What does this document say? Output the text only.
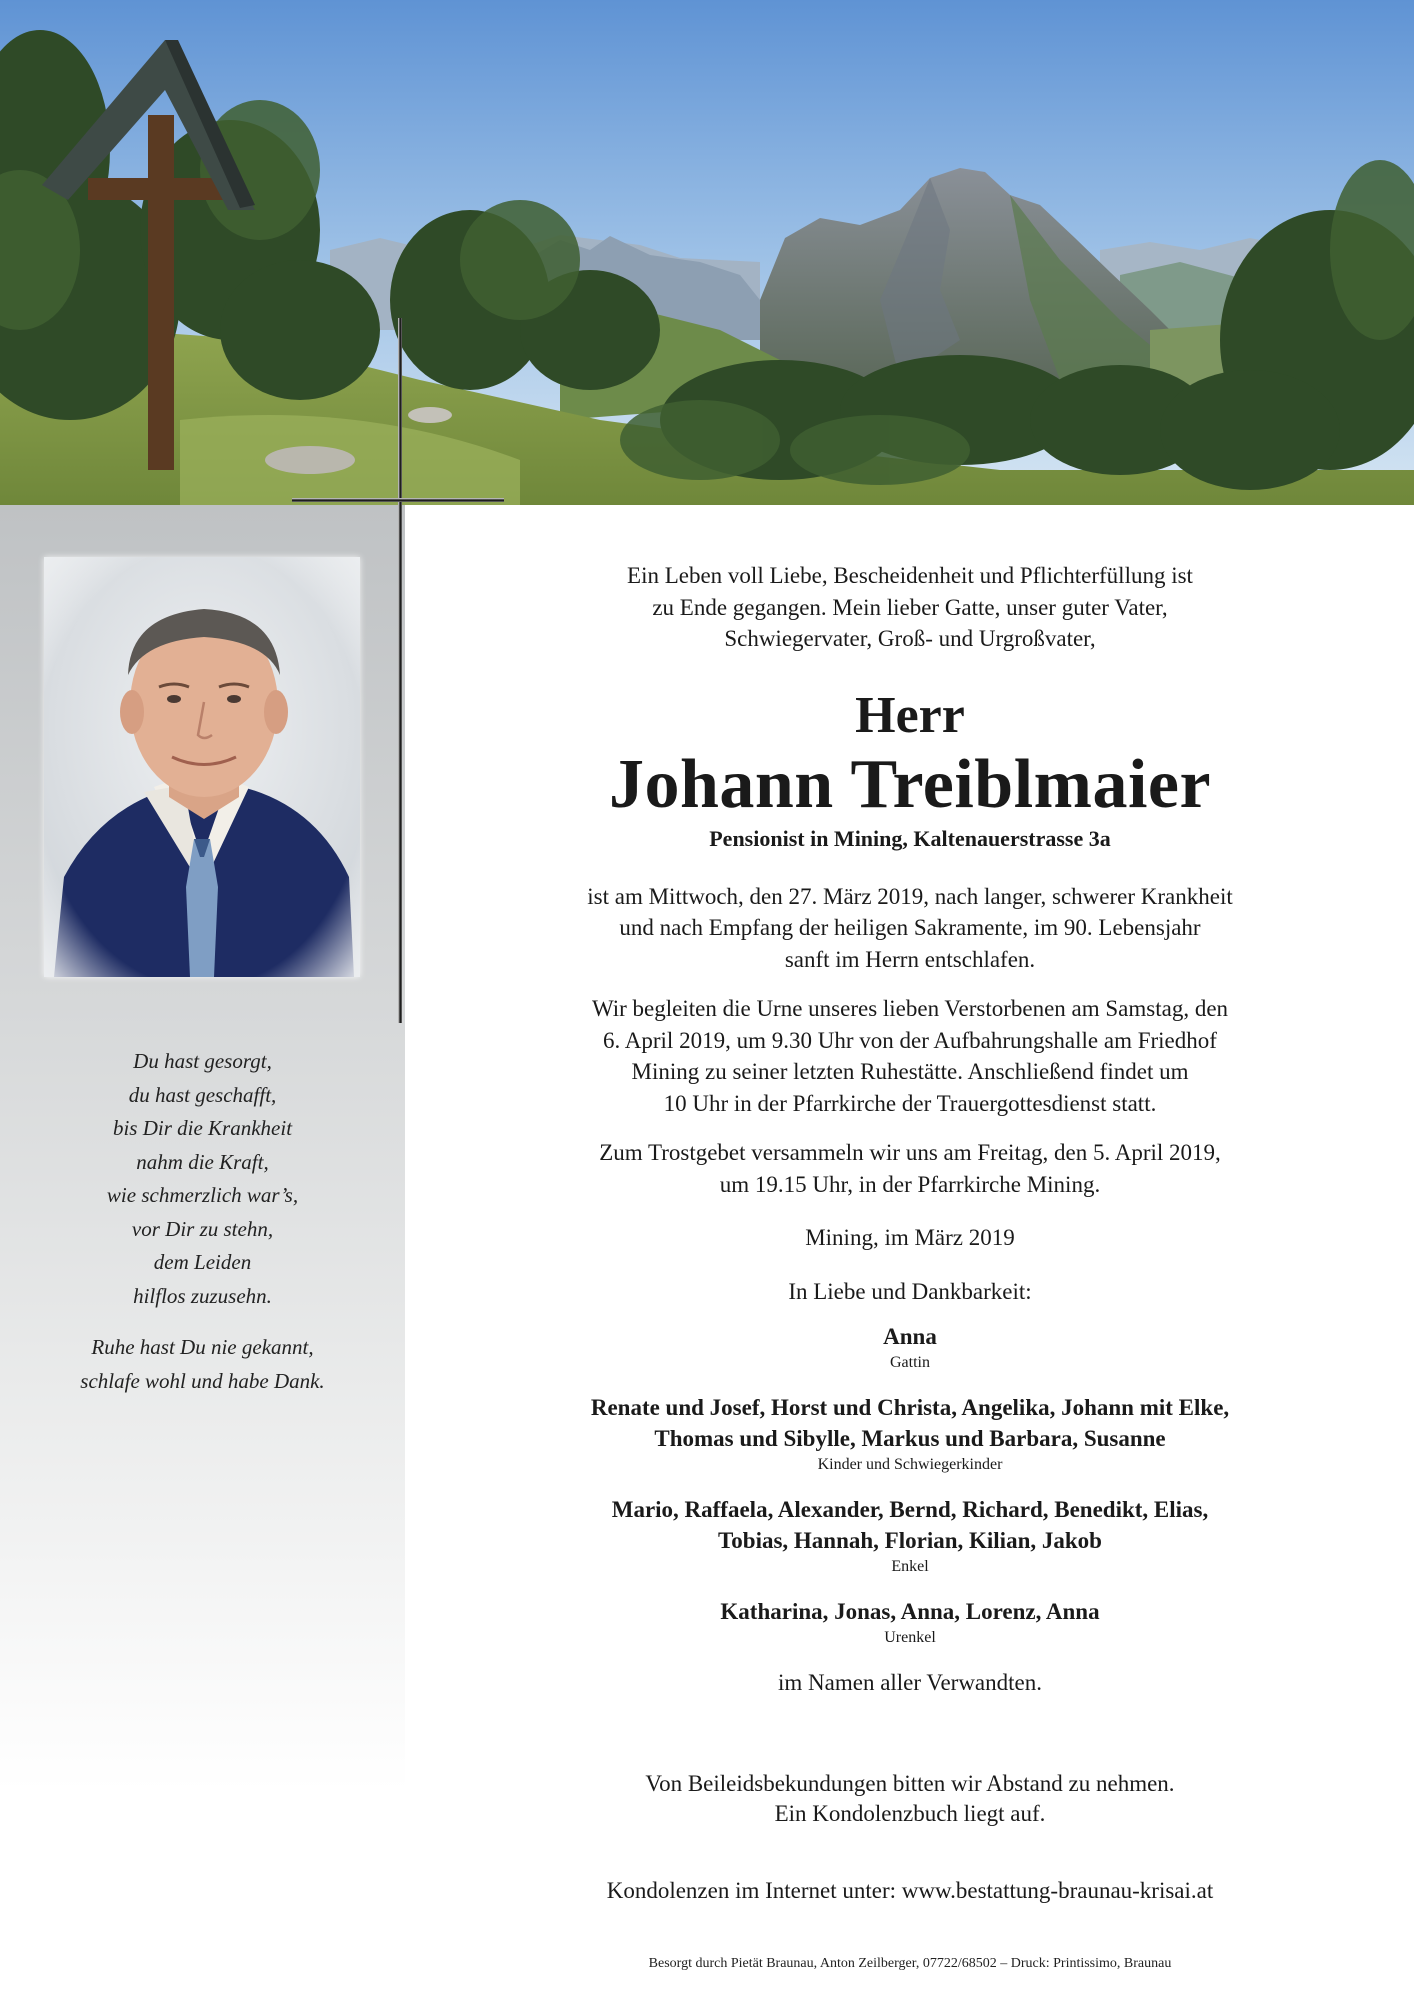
Du hast gesorgt,
du hast geschafft,
bis Dir die Krankheit
nahm die Kraft,
wie schmerzlich war’s,
vor Dir zu stehn,
dem Leiden
hilflos zuzusehn.
Ruhe hast Du nie gekannt,
schlafe wohl und habe Dank.

Ein Leben voll Liebe, Bescheidenheit und Pflichterfüllung ist
zu Ende gegangen. Mein lieber Gatte, unser guter Vater,
Schwiegervater, Groß- und Urgroßvater,

Herr

Johann Treiblmaier

Pensionist in Mining, Kaltenauerstrasse 3a

ist am Mittwoch, den 27. März 2019, nach langer, schwerer Krankheit
und nach Empfang der heiligen Sakramente, im 90. Lebensjahr
sanft im Herrn entschlafen.

Wir begleiten die Urne unseres lieben Verstorbenen am Samstag, den
6. April 2019, um 9.30 Uhr von der Aufbahrungshalle am Friedhof
Mining zu seiner letzten Ruhestätte. Anschließend findet um
10 Uhr in der Pfarrkirche der Trauergottesdienst statt.

Zum Trostgebet versammeln wir uns am Freitag, den 5. April 2019,
um 19.15 Uhr, in der Pfarrkirche Mining.

Mining, im März 2019

In Liebe und Dankbarkeit:

Anna

Gattin

Renate und Josef, Horst und Christa, Angelika, Johann mit Elke,
Thomas und Sibylle, Markus und Barbara, Susanne

Kinder und Schwiegerkinder

Mario, Raffaela, Alexander, Bernd, Richard, Benedikt, Elias,
Tobias, Hannah, Florian, Kilian, Jakob

Enkel

Katharina, Jonas, Anna, Lorenz, Anna

Urenkel

im Namen aller Verwandten.

Von Beileidsbekundungen bitten wir Abstand zu nehmen.
Ein Kondolenzbuch liegt auf.

Kondolenzen im Internet unter: www.bestattung-braunau-krisai.at

Besorgt durch Pietät Braunau, Anton Zeilberger, 07722/68502 – Druck: Printissimo, Braunau
